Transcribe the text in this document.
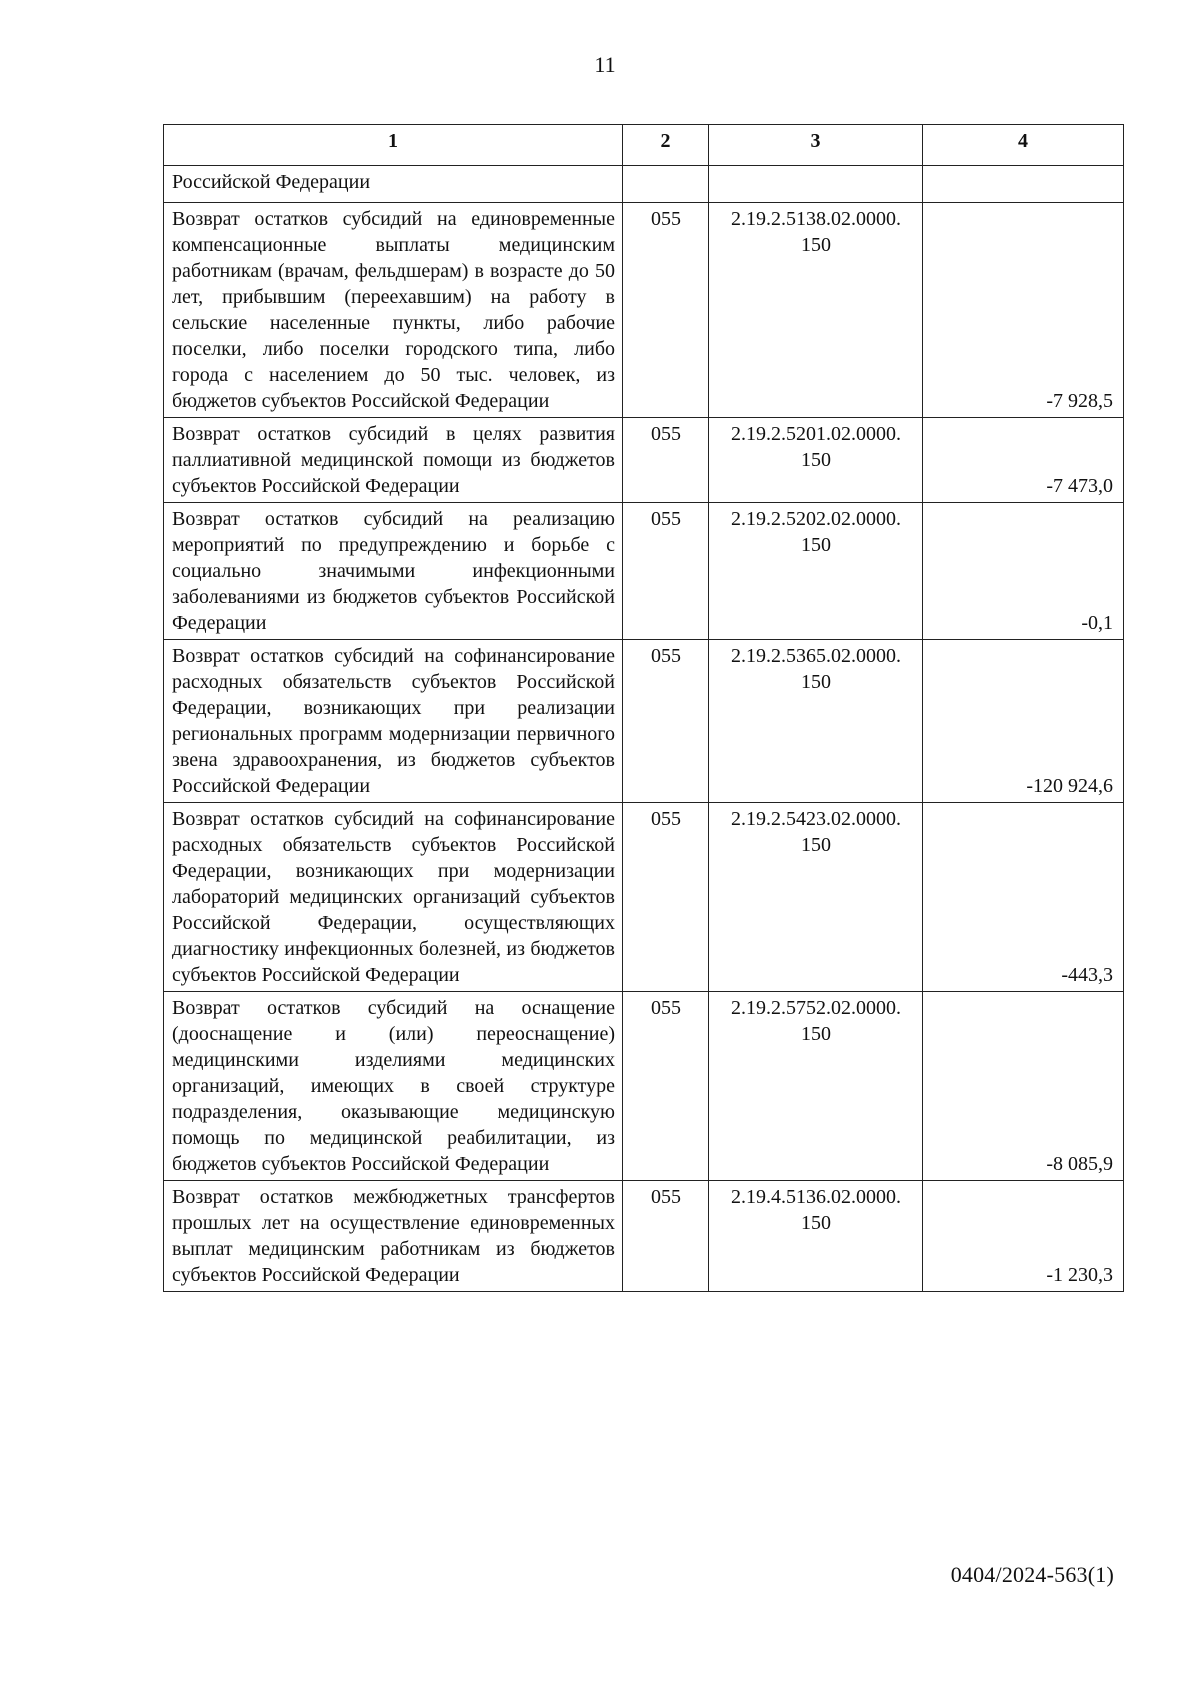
11
1	2	3	4
Российской Федерации			
Возврат остатков субсидий на единовременные компенсационные выплаты медицинским работникам (врачам, фельдшерам) в возрасте до 50 лет, прибывшим (переехавшим) на работу в сельские населенные пункты, либо рабочие поселки, либо поселки городского типа, либо города с населением до 50 тыс. человек, из бюджетов субъектов Российской Федерации	055	2.19.2.5138.02.0000.
150	-7 928,5
Возврат остатков субсидий в целях развития паллиативной медицинской помощи из бюджетов субъектов Российской Федерации	055	2.19.2.5201.02.0000.
150	-7 473,0
Возврат остатков субсидий на реализацию мероприятий по предупреждению и борьбе с социально значимыми инфекционными заболеваниями из бюджетов субъектов Российской Федерации	055	2.19.2.5202.02.0000.
150	-0,1
Возврат остатков субсидий на софинансирование расходных обязательств субъектов Российской Федерации, возникающих при реализации региональных программ модернизации первичного звена здравоохранения, из бюджетов субъектов Российской Федерации	055	2.19.2.5365.02.0000.
150	-120 924,6
Возврат остатков субсидий на софинансирование расходных обязательств субъектов Российской Федерации, возникающих при модернизации лабораторий медицинских организаций субъектов Российской Федерации, осуществляющих диагностику инфекционных болезней, из бюджетов субъектов Российской Федерации	055	2.19.2.5423.02.0000.
150	-443,3
Возврат остатков субсидий на оснащение (дооснащение и (или) переоснащение) медицинскими изделиями медицинских организаций, имеющих в своей структуре подразделения, оказывающие медицинскую помощь по медицинской реабилитации, из бюджетов субъектов Российской Федерации	055	2.19.2.5752.02.0000.
150	-8 085,9
Возврат остатков межбюджетных трансфертов прошлых лет на осуществление единовременных выплат медицинским работникам из бюджетов субъектов Российской Федерации	055	2.19.4.5136.02.0000.
150	-1 230,3
0404/2024-563(1)
